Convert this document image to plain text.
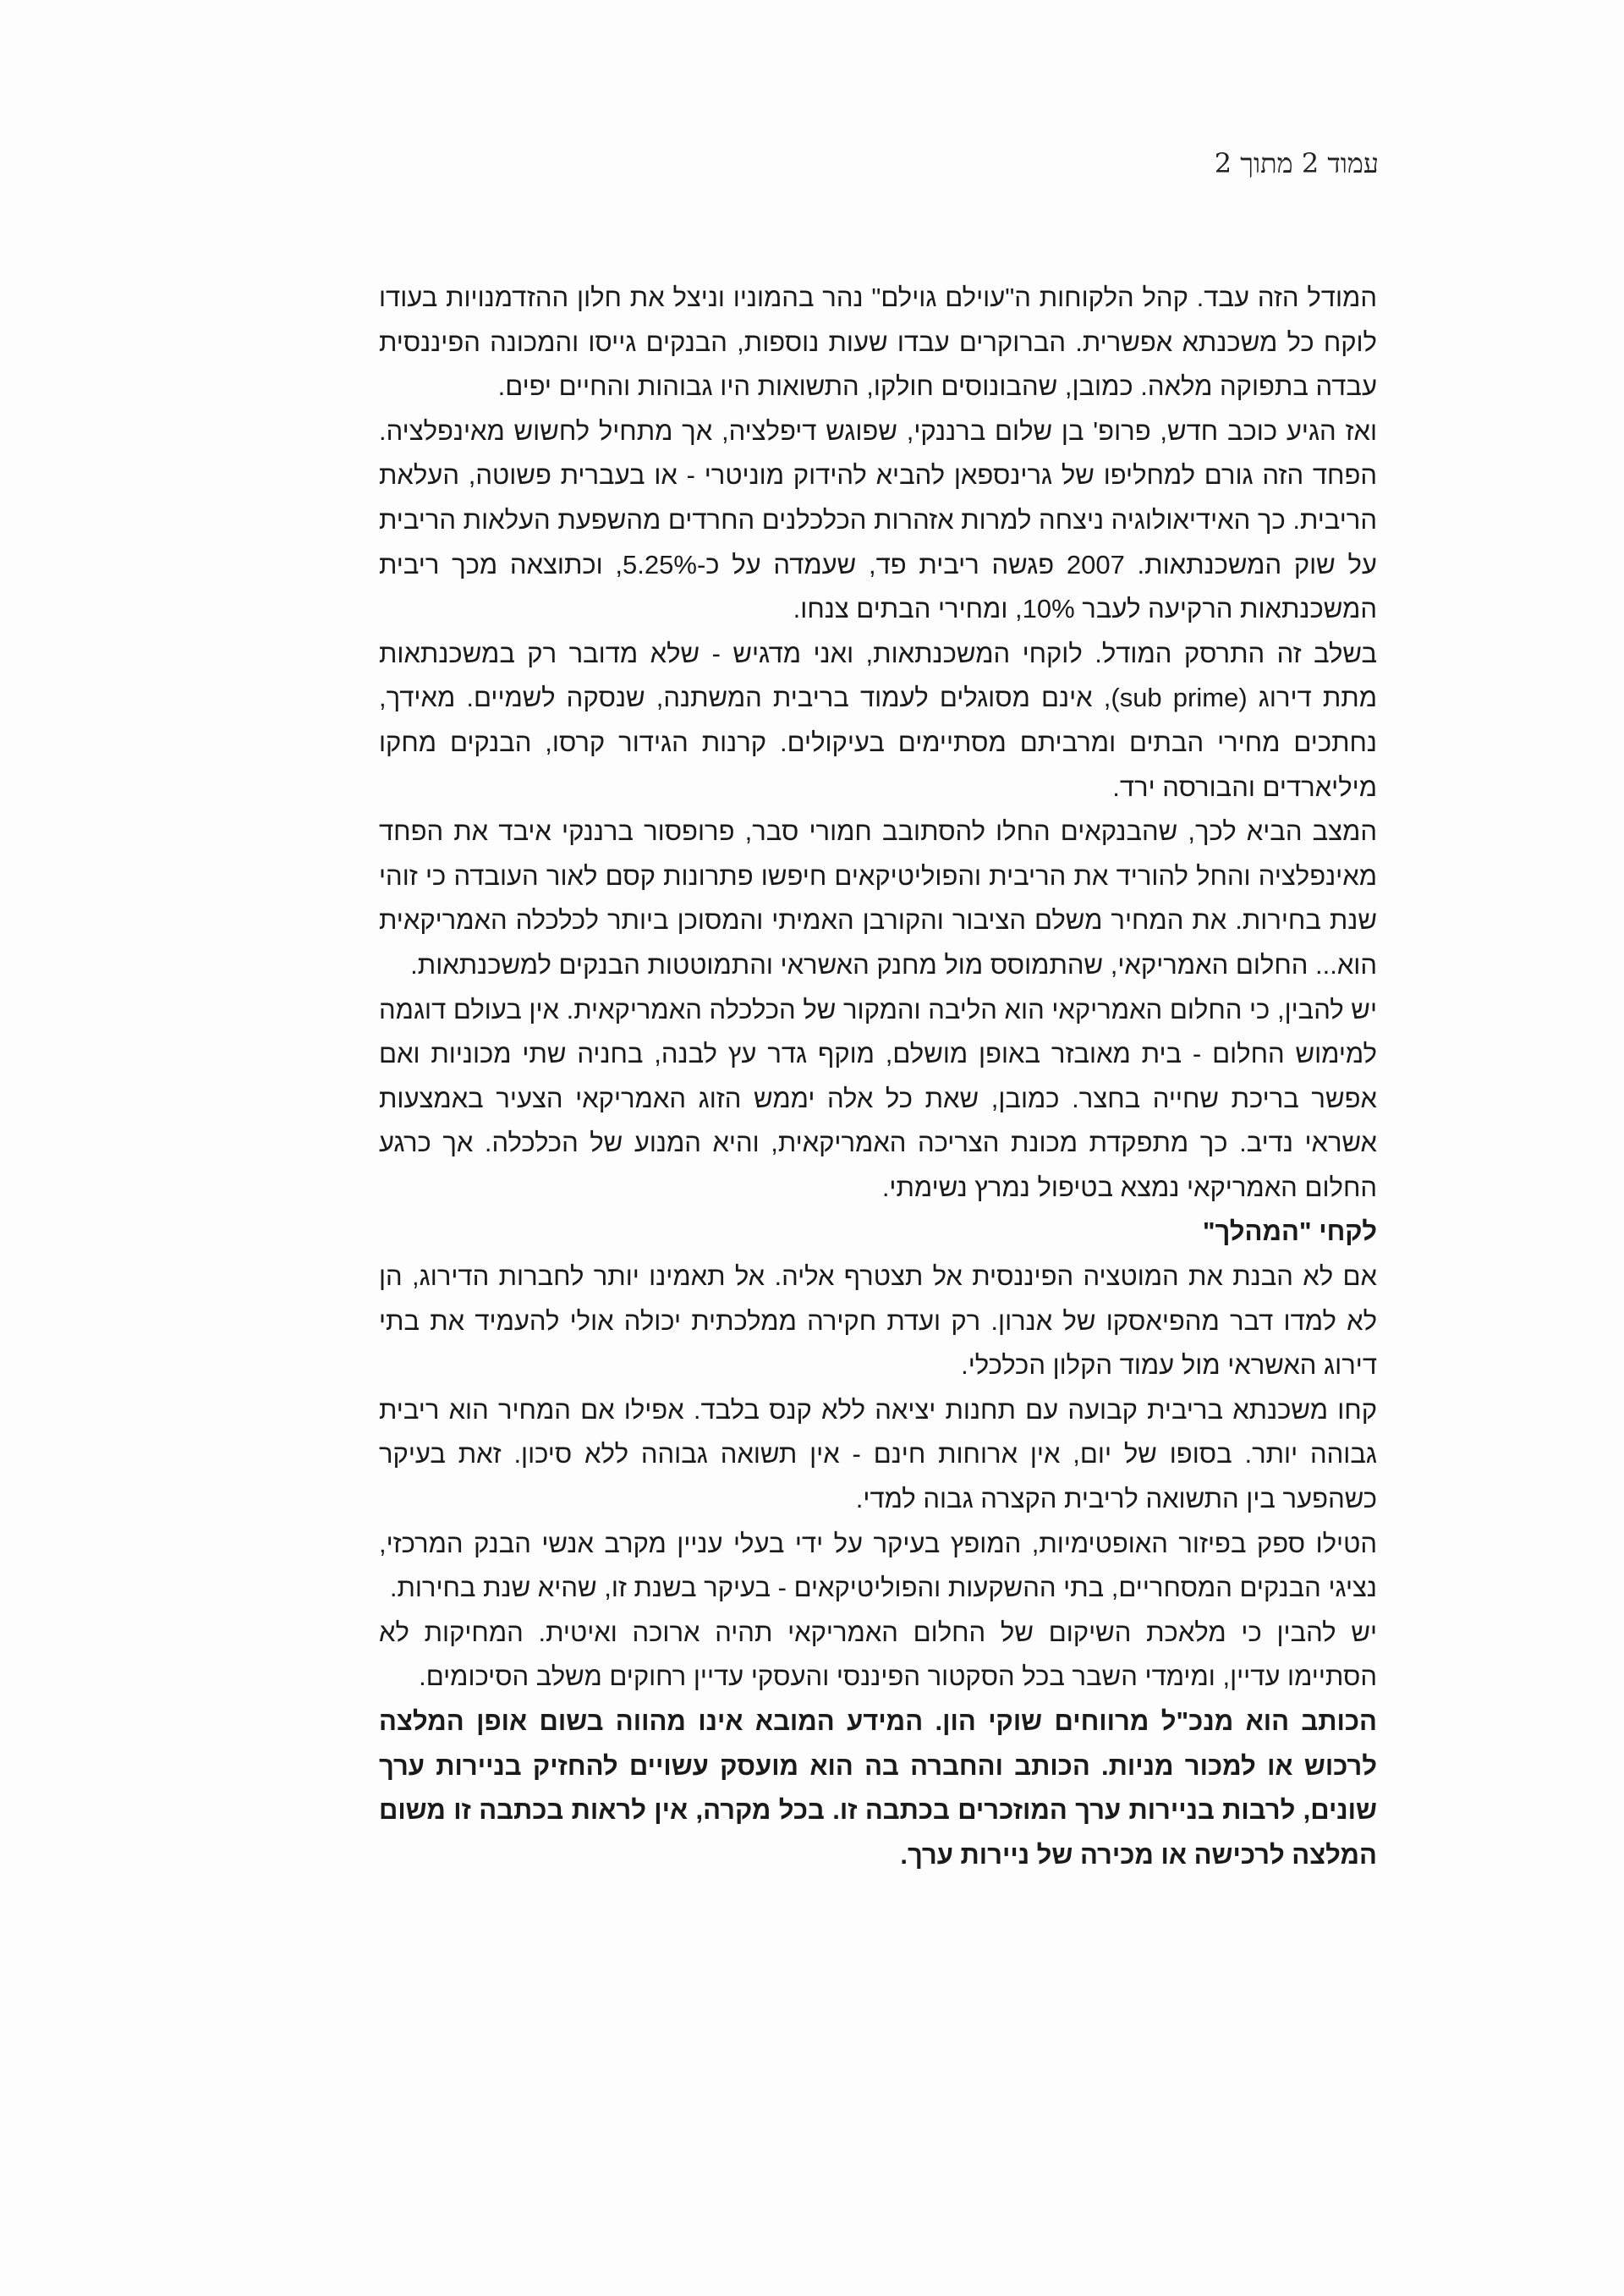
עמוד 2 מתוך 2

המודל הזה עבד. קהל הלקוחות ה"עוילם גוילם" נהר בהמוניו וניצל את חלון ההזדמנויות בעודו לוקח כל משכנתא אפשרית. הברוקרים עבדו שעות נוספות, הבנקים גייסו והמכונה הפיננסית עבדה בתפוקה מלאה. כמובן, שהבונוסים חולקו, התשואות היו גבוהות והחיים יפים.

ואז הגיע כוכב חדש, פרופ' בן שלום ברננקי, שפוגש דיפלציה, אך מתחיל לחשוש מאינפלציה. הפחד הזה גורם למחליפו של גרינספאן להביא להידוק מוניטרי - או בעברית פשוטה, העלאת הריבית. כך האידיאולוגיה ניצחה למרות אזהרות הכלכלנים החרדים מהשפעת העלאות הריבית על שוק המשכנתאות. 2007 פגשה ריבית פד, שעמדה על כ-5.25%, וכתוצאה מכך ריבית המשכנתאות הרקיעה לעבר 10%, ומחירי הבתים צנחו.

בשלב זה התרסק המודל. לוקחי המשכנתאות, ואני מדגיש - שלא מדובר רק במשכנתאות מתת דירוג (sub prime), אינם מסוגלים לעמוד בריבית המשתנה, שנסקה לשמיים. מאידך, נחתכים מחירי הבתים ומרביתם מסתיימים בעיקולים. קרנות הגידור קרסו, הבנקים מחקו מיליארדים והבורסה ירד.

המצב הביא לכך, שהבנקאים החלו להסתובב חמורי סבר, פרופסור ברננקי איבד את הפחד מאינפלציה והחל להוריד את הריבית והפוליטיקאים חיפשו פתרונות קסם לאור העובדה כי זוהי שנת בחירות. את המחיר משלם הציבור והקורבן האמיתי והמסוכן ביותר לכלכלה האמריקאית הוא... החלום האמריקאי, שהתמוסס מול מחנק האשראי והתמוטטות הבנקים למשכנתאות.

יש להבין, כי החלום האמריקאי הוא הליבה והמקור של הכלכלה האמריקאית. אין בעולם דוגמה למימוש החלום - בית מאובזר באופן מושלם, מוקף גדר עץ לבנה, בחניה שתי מכוניות ואם אפשר בריכת שחייה בחצר. כמובן, שאת כל אלה יממש הזוג האמריקאי הצעיר באמצעות אשראי נדיב. כך מתפקדת מכונת הצריכה האמריקאית, והיא המנוע של הכלכלה. אך כרגע החלום האמריקאי נמצא בטיפול נמרץ נשימתי.

לקחי "המהלך"

אם לא הבנת את המוטציה הפיננסית אל תצטרף אליה. אל תאמינו יותר לחברות הדירוג, הן לא למדו דבר מהפיאסקו של אנרון. רק ועדת חקירה ממלכתית יכולה אולי להעמיד את בתי דירוג האשראי מול עמוד הקלון הכלכלי.

קחו משכנתא בריבית קבועה עם תחנות יציאה ללא קנס בלבד. אפילו אם המחיר הוא ריבית גבוהה יותר. בסופו של יום, אין ארוחות חינם - אין תשואה גבוהה ללא סיכון. זאת בעיקר כשהפער בין התשואה לריבית הקצרה גבוה למדי.

הטילו ספק בפיזור האופטימיות, המופץ בעיקר על ידי בעלי עניין מקרב אנשי הבנק המרכזי, נציגי הבנקים המסחריים, בתי ההשקעות והפוליטיקאים - בעיקר בשנת זו, שהיא שנת בחירות.

יש להבין כי מלאכת השיקום של החלום האמריקאי תהיה ארוכה ואיטית. המחיקות לא הסתיימו עדיין, ומימדי השבר בכל הסקטור הפיננסי והעסקי עדיין רחוקים משלב הסיכומים.

הכותב הוא מנכ"ל מרווחים שוקי הון. המידע המובא אינו מהווה בשום אופן המלצה לרכוש או למכור מניות. הכותב והחברה בה הוא מועסק עשויים להחזיק בניירות ערך שונים, לרבות בניירות ערך המוזכרים בכתבה זו. בכל מקרה, אין לראות בכתבה זו משום המלצה לרכישה או מכירה של ניירות ערך.
